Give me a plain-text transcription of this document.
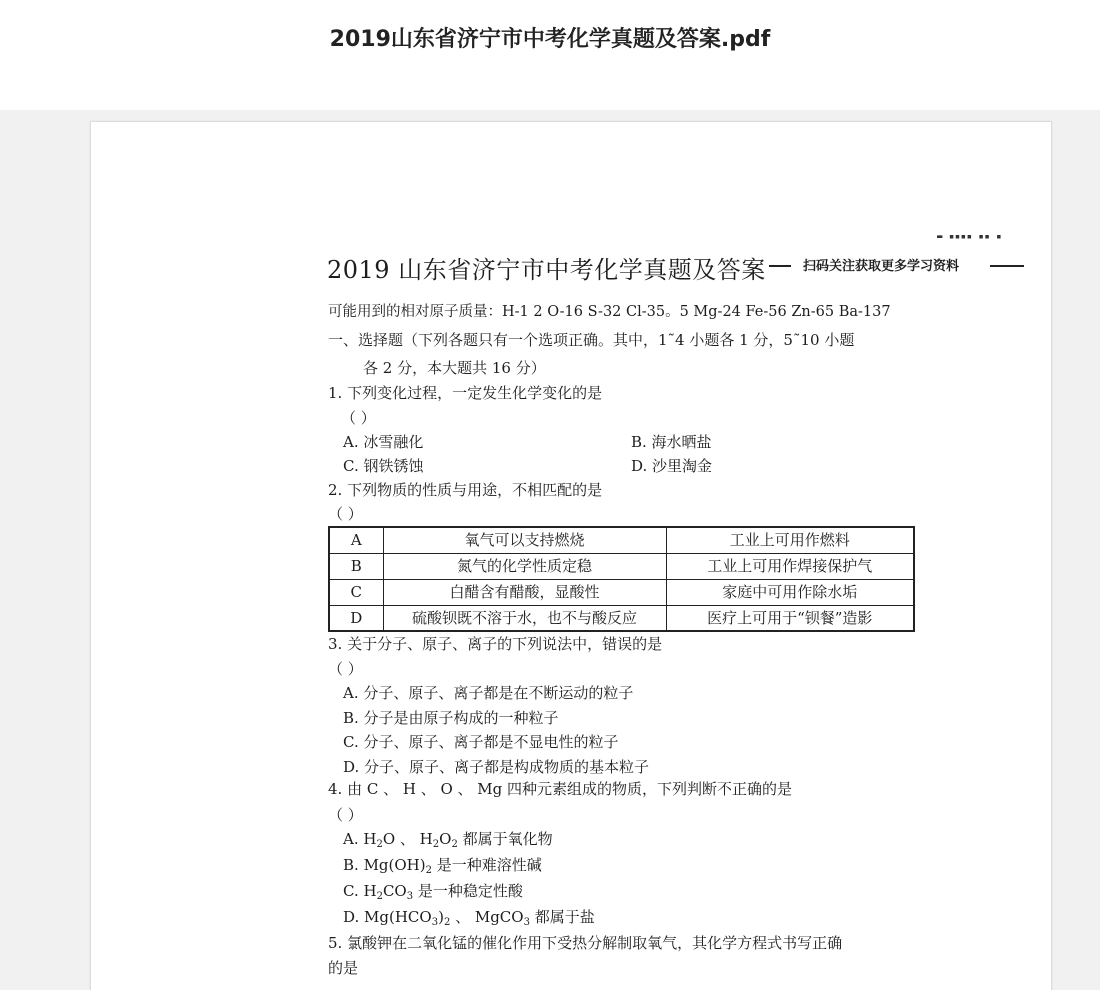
2019山东省济宁市中考化学真题及答案.pdf
▬ ▪▪▪▪ ▪▪ ▪
2019 山东省济宁市中考化学真题及答案	扫码关注获取更多学习资料
可能用到的相对原子质量：H-1 2 O-16 S-32 Cl-35。5 Mg-24 Fe-56 Zn-65 Ba-137
一、选择题（下列各题只有一个选项正确。其中，1˜4 小题各 1 分，5˜10 小题
各 2 分，本大题共 16 分）
1. 下列变化过程，一定发生化学变化的是
（ ）
A. 冰雪融化	B. 海水晒盐
C. 钢铁锈蚀	D. 沙里淘金
2. 下列物质的性质与用途，不相匹配的是
（ ）
A	氧气可以支持燃烧	工业上可用作燃料
B	氮气的化学性质定稳	工业上可用作焊接保护气
C	白醋含有醋酸，显酸性	家庭中可用作除水垢
D	硫酸钡既不溶于水，也不与酸反应	医疗上可用于“钡餐”造影
3. 关于分子、原子、离子的下列说法中，错误的是
（ ）
A. 分子、原子、离子都是在不断运动的粒子
B. 分子是由原子构成的一种粒子
C. 分子、原子、离子都是不显电性的粒子
D. 分子、原子、离子都是构成物质的基本粒子
4. 由 C 、 H 、 O 、 Mg 四种元素组成的物质，下列判断不正确的是
（ ）
A. $H_2O$ 、 $H_2O_2$ 都属于氧化物
B. $Mg(OH)_2$ 是一种难溶性碱
C. $H_2CO_3$ 是一种稳定性酸
D. $Mg(HCO_3)_2$ 、 MgCO$_3$ 都属于盐
5. 氯酸钾在二氧化锰的催化作用下受热分解制取氧气，其化学方程式书写正确
的是
